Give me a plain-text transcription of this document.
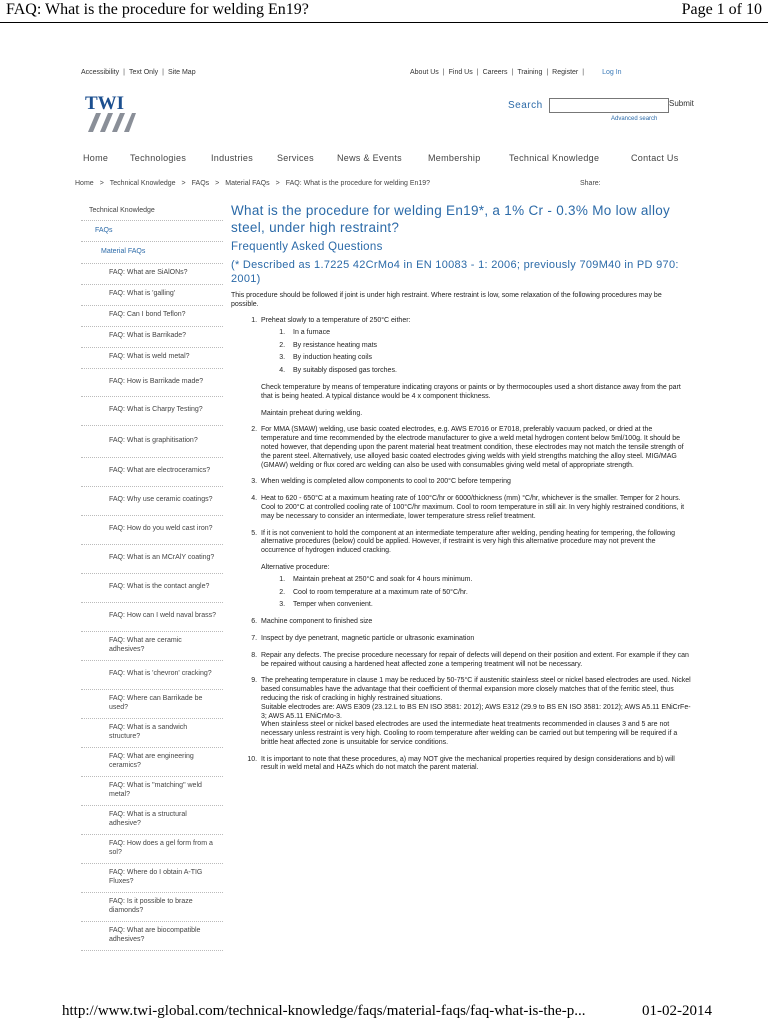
FAQ: What is the procedure for welding En19?	Page 1 of 10
Accessibility | Text Only | Site Map	About Us | Find Us | Careers | Training | Register |	Log In
TWI	Search	Submit
Advanced search
Home Technologies	Industries	Services	News & Events	Membership	Technical Knowledge	Contact Us
Home > Technical Knowledge > FAQs > Material FAQs > FAQ: What is the procedure for welding En19?	Share:
Technical Knowledge
FAQs
Material FAQs
FAQ: What are SiAlONs?
FAQ: What is 'galling'
FAQ: Can I bond Teflon?
FAQ: What is Barrikade?
FAQ: What is weld metal?
FAQ: How is Barrikade made?
FAQ: What is Charpy Testing?
FAQ: What is graphitisation?
FAQ: What are electroceramics?
FAQ: Why use ceramic coatings?
FAQ: How do you weld cast iron?
FAQ: What is an MCrAlY coating?
FAQ: What is the contact angle?
FAQ: How can I weld naval brass?
FAQ: What are ceramic adhesives?
FAQ: What is 'chevron' cracking?
FAQ: Where can Barrikade be used?
FAQ: What is a sandwich structure?
FAQ: What are engineering ceramics?
FAQ: What is "matching" weld metal?
FAQ: What is a structural adhesive?
FAQ: How does a gel form from a sol?
FAQ: Where do I obtain A-TIG Fluxes?
FAQ: Is it possible to braze diamonds?
FAQ: What are biocompatible adhesives?
What is the procedure for welding En19*, a 1% Cr - 0.3% Mo low alloy steel, under high restraint?
Frequently Asked Questions

(* Described as 1.7225 42CrMo4 in EN 10083 - 1: 2006; previously 709M40 in PD 970: 2001)

This procedure should be followed if joint is under high restraint. Where restraint is low, some relaxation of the following procedures may be possible.

1. Preheat slowly to a temperature of 250°C either:
1. In a furnace
2. By resistance heating mats
3. By induction heating coils
4. By suitably disposed gas torches.
Check temperature by means of temperature indicating crayons or paints or by thermocouples used a short distance away from the part that is being heated. A typical distance would be 4 x component thickness.
Maintain preheat during welding.
2. For MMA (SMAW) welding, use basic coated electrodes, e.g. AWS E7016 or E7018, preferably vacuum packed, or dried at the temperature and time recommended by the electrode manufacturer to give a weld metal hydrogen content below 5ml/100g. It should be noted however, that depending upon the parent material heat treatment condition, these electrodes may not match the tensile strength of the parent steel. Alternatively, use alloyed basic coated electrodes giving welds with yield strengths matching the alloy steel. MIG/MAG (GMAW) welding or flux cored arc welding can also be used with consumables giving weld metal of appropriate strength.
3. When welding is completed allow components to cool to 200°C before tempering
4. Heat to 620 - 650°C at a maximum heating rate of 100°C/hr or 6000/thickness (mm) °C/hr, whichever is the smaller. Temper for 2 hours. Cool to 200°C at controlled cooling rate of 100°C/hr maximum. Cool to room temperature in still air. In very highly restrained conditions, it may be necessary to consider an intermediate, lower temperature stress relief treatment.
5. If it is not convenient to hold the component at an intermediate temperature after welding, pending heating for tempering, the following alternative procedures (below) could be applied. However, if restraint is very high this alternative procedure may not prevent the occurrence of hydrogen induced cracking.
Alternative procedure:
1. Maintain preheat at 250°C and soak for 4 hours minimum.
2. Cool to room temperature at a maximum rate of 50°C/hr.
3. Temper when convenient.
6. Machine component to finished size
7. Inspect by dye penetrant, magnetic particle or ultrasonic examination
8. Repair any defects. The precise procedure necessary for repair of defects will depend on their position and extent. For example if they can be repaired without causing a hardened heat affected zone a tempering treatment will not be necessary.
9. The preheating temperature in clause 1 may be reduced by 50-75°C if austenitic stainless steel or nickel based electrodes are used. Nickel based consumables have the advantage that their coefficient of thermal expansion more closely matches that of the ferritic steel, thus reducing the risk of cracking in highly restrained situations.
Suitable electrodes are: AWS E309 (23.12.L to BS EN ISO 3581: 2012); AWS E312 (29.9 to BS EN ISO 3581: 2012); AWS A5.11 ENiCrFe-3; AWS A5.11 ENiCrMo-3.
When stainless steel or nickel based electrodes are used the intermediate heat treatments recommended in clauses 3 and 5 are not necessary unless restraint is very high. Cooling to room temperature after welding can be carried out but tempering will be required if a brittle heat affected zone is unsuitable for service conditions.
10. It is important to note that these procedures, a) may NOT give the mechanical properties required by design considerations and b) will result in weld metal and HAZs which do not match the parent material.
http://www.twi-global.com/technical-knowledge/faqs/material-faqs/faq-what-is-the-p...	01-02-2014
